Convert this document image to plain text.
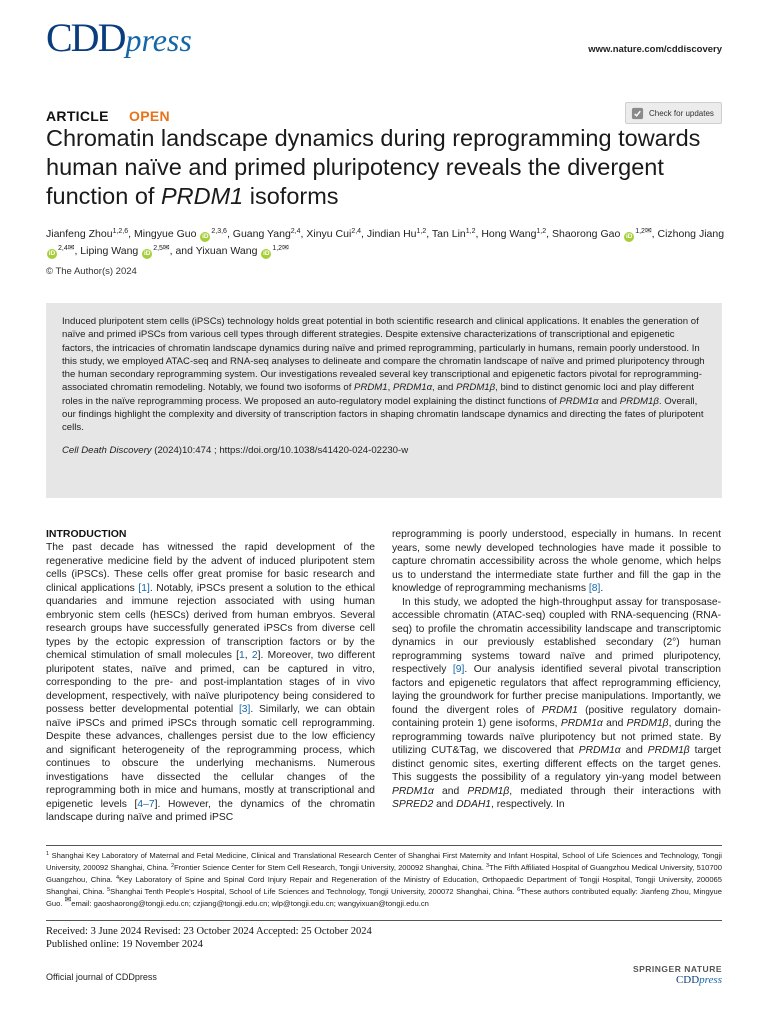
CDDpress	www.nature.com/cddiscovery
ARTICLE OPEN	Check for updates
Chromatin landscape dynamics during reprogramming towards human naïve and primed pluripotency reveals the divergent function of PRDM1 isoforms
Jianfeng Zhou$^{1,2,6}$, Mingyue Guo iD$^{2,3,6}$, Guang Yang$^{2,4}$, Xinyu Cui$^{2,4}$, Jindian Hu$^{1,2}$, Tan Lin$^{1,2}$, Hong Wang$^{1,2}$, Shaorong Gao $iD^{1,2✉}$, Cizhong Jiang $iD^{2,4✉}$, Liping Wang $iD^{2,5✉}$, and Yixuan Wang $iD^{1,2✉}$
© The Author(s) 2024

Induced pluripotent stem cells (iPSCs) technology holds great potential in both scientific research and clinical applications. It enables the generation of naïve and primed iPSCs from various cell types through different strategies. Despite extensive characterizations of transcriptional and epigenetic factors, the intricacies of chromatin landscape dynamics during naïve and primed reprogramming, particularly in humans, remain poorly understood. In this study, we employed ATAC-seq and RNA-seq analyses to delineate and compare the chromatin landscape of naïve and primed pluripotency through the human secondary reprogramming system. Our investigations revealed several key transcriptional and epigenetic factors pivotal for reprogramming-associated chromatin remodeling. Notably, we found two isoforms of PRDM1, PRDM1α, and PRDM1β, bind to distinct genomic loci and play different roles in the naïve reprogramming process. We proposed an auto-regulatory model explaining the distinct functions of PRDM1α and PRDM1β. Overall, our findings highlight the complexity and diversity of transcription factors in shaping chromatin landscape dynamics and directing the fates of pluripotent cells.

Cell Death Discovery (2024)10:474 ; https://doi.org/10.1038/s41420-024-02230-w

INTRODUCTION

The past decade has witnessed the rapid development of the regenerative medicine field by the advent of induced pluripotent stem cells (iPSCs). These cells offer great promise for basic research and clinical applications [1]. Notably, iPSCs present a solution to the ethical quandaries and immune rejection associated with using human embryonic stem cells (hESCs) derived from human embryos. Several research groups have successfully generated iPSCs from diverse cell types by the ectopic expression of transcription factors or by the chemical stimulation of small molecules [1, 2]. Moreover, two different pluripotent states, naïve and primed, can be captured in vitro, corresponding to the pre- and post-implantation stages of in vivo development, respectively, with naïve pluripotency being considered to possess better developmental potential [3]. Similarly, we can obtain naïve iPSCs and primed iPSCs through somatic cell reprogramming. Despite these advances, challenges persist due to the low efficiency and significant heterogeneity of the reprogramming process, which continues to obscure the underlying mechanisms. Numerous investigations have dissected the cellular changes of the reprogramming both in mice and humans, mostly at transcriptional and epigenetic levels [4–7]. However, the dynamics of the chromatin landscape during naïve and primed iPSC

reprogramming is poorly understood, especially in humans. In recent years, some newly developed technologies have made it possible to capture chromatin accessibility across the whole genome, which helps us to understand the intermediate state further and fill the gap in the knowledge of reprogramming mechanisms [8].

In this study, we adopted the high-throughput assay for transposase-accessible chromatin (ATAC-seq) coupled with RNA-sequencing (RNA-seq) to profile the chromatin accessibility landscape and transcriptomic dynamics in our previously established secondary (2°) human reprogramming systems toward naïve and primed pluripotency, respectively [9]. Our analysis identified several pivotal transcription factors and epigenetic regulators that affect reprogramming efficiency, laying the groundwork for further precise manipulations. Importantly, we found the divergent roles of PRDM1 (positive regulatory domain-containing protein 1) gene isoforms, PRDM1α and PRDM1β, during the reprogramming towards naïve pluripotency but not primed state. By utilizing CUT&Tag, we discovered that PRDM1α and PRDM1β target distinct genomic sites, exerting different effects on the target genes. This suggests the possibility of a regulatory yin-yang model between PRDM1α and PRDM1β, mediated through their interactions with SPRED2 and DDAH1, respectively. In

$^1$ Shanghai Key Laboratory of Maternal and Fetal Medicine, Clinical and Translational Research Center of Shanghai First Maternity and Infant Hospital, School of Life Sciences and Technology, Tongji University, 200092 Shanghai, China. $^2$Frontier Science Center for Stem Cell Research, Tongji University, 200092 Shanghai, China. $^3$The Fifth Affiliated Hospital of Guangzhou Medical University, 510700 Guangzhou, China. $^4$Key Laboratory of Spine and Spinal Cord Injury Repair and Regeneration of the Ministry of Education, Orthopaedic Department of Tongji Hospital, Tongji University, 200065 Shanghai, China. $^5$Shanghai Tenth People's Hospital, School of Life Sciences and Technology, Tongji University, 200072 Shanghai, China. $^6$These authors contributed equally: Jianfeng Zhou, Mingyue Guo. ✉email: gaoshaorong@tongji.edu.cn; czjiang@tongji.edu.cn; wlp@tongji.edu.cn; wangyixuan@tongji.edu.cn
Received: 3 June 2024 Revised: 23 October 2024 Accepted: 25 October 2024
Published online: 19 November 2024
Official journal of CDDpress
SPRINGER NATURE
CDDpress
